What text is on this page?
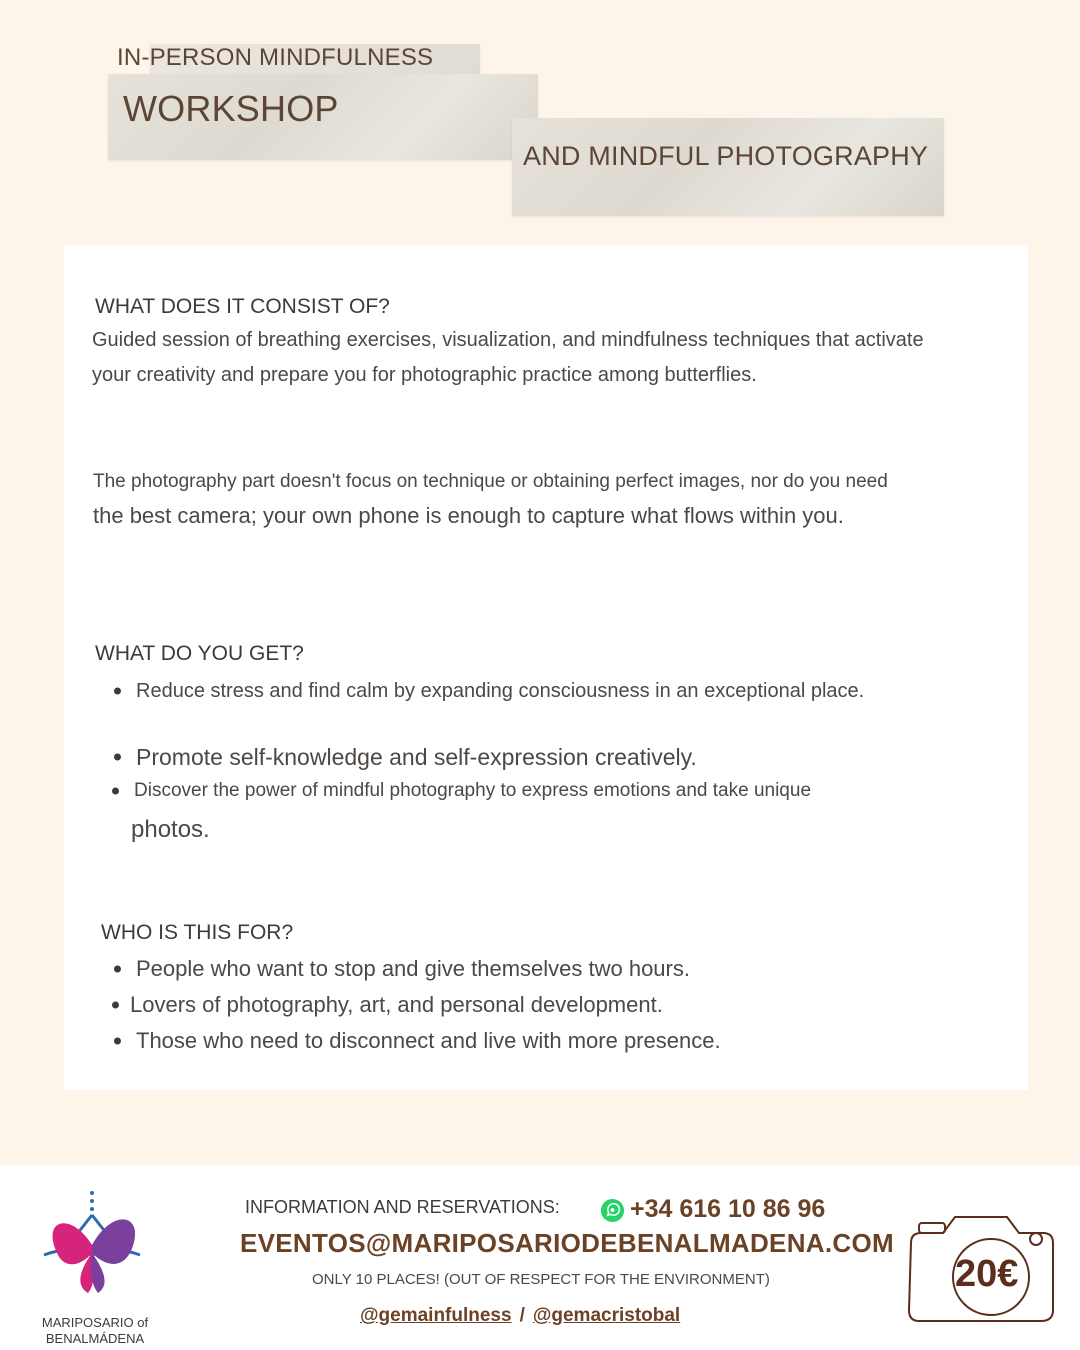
IN-PERSON MINDFULNESS

WORKSHOP

AND MINDFUL PHOTOGRAPHY

WHAT DOES IT CONSIST OF?

Guided session of breathing exercises, visualization, and mindfulness techniques that activate your creativity and prepare you for photographic practice among butterflies.

The photography part doesn't focus on technique or obtaining perfect images, nor do you need

the best camera; your own phone is enough to capture what flows within you.

WHAT DO YOU GET?

Reduce stress and find calm by expanding consciousness in an exceptional place.
Promote self-knowledge and self-expression creatively.
Discover the power of mindful photography to express emotions and take unique

photos.

WHO IS THIS FOR?

People who want to stop and give themselves two hours.
Lovers of photography, art, and personal development.
Those who need to disconnect and live with more presence.
MARIPOSARIO of BENALMÁDENA
INFORMATION AND RESERVATIONS:	+34 616 10 86 96
EVENTOS@MARIPOSARIODEBENALMADENA.COM
ONLY 10 PLACES! (OUT OF RESPECT FOR THE ENVIRONMENT)
@gemainfulness / @gemacristobal
20€
